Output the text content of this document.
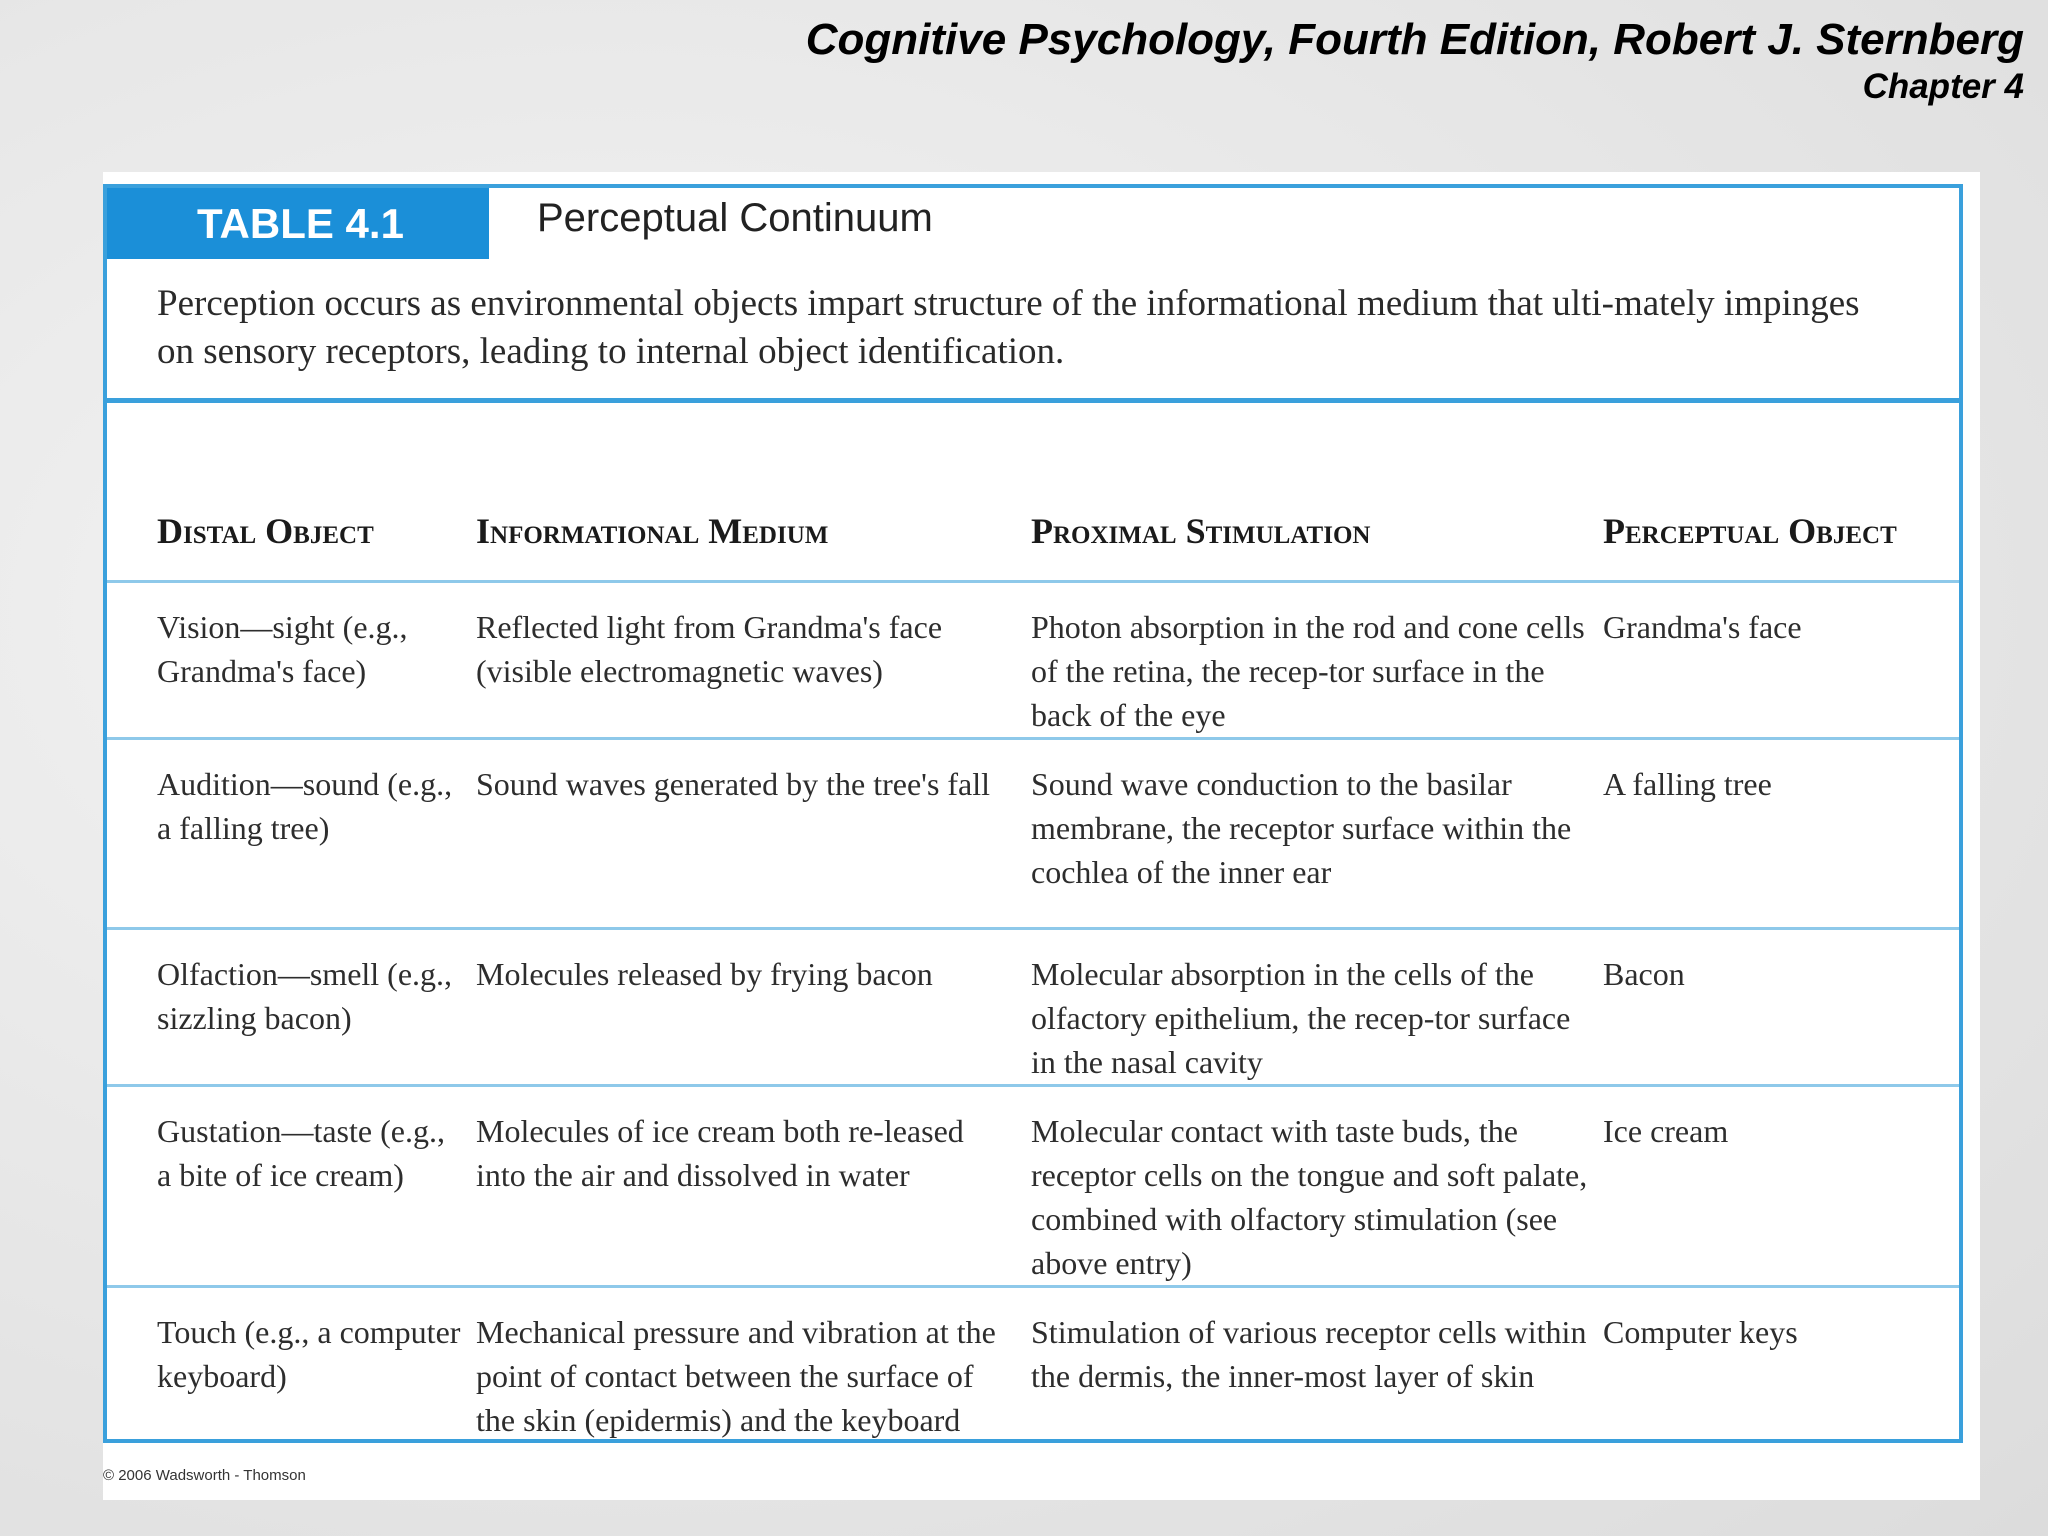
Cognitive Psychology, Fourth Edition, Robert J. Sternberg
Chapter 4
TABLE 4.1	Perceptual Continuum
Perception occurs as environmental objects impart structure of the informational medium that ulti-mately impinges on sensory receptors, leading to internal object identification.
Distal Object	Informational Medium	Proximal Stimulation	Perceptual Object
Vision—sight (e.g., Grandma's face)	Reflected light from Grandma's face (visible electromagnetic waves)	Photon absorption in the rod and cone cells of the retina, the recep-tor surface in the back of the eye	Grandma's face
Audition—sound (e.g., a falling tree)	Sound waves generated by the tree's fall	Sound wave conduction to the basilar membrane, the receptor surface within the cochlea of the inner ear	A falling tree
Olfaction—smell (e.g., sizzling bacon)	Molecules released by frying bacon	Molecular absorption in the cells of the olfactory epithelium, the recep-tor surface in the nasal cavity	Bacon
Gustation—taste (e.g., a bite of ice cream)	Molecules of ice cream both re-leased into the air and dissolved in water	Molecular contact with taste buds, the receptor cells on the tongue and soft palate, combined with olfactory stimulation (see above entry)	Ice cream
Touch (e.g., a computer keyboard)	Mechanical pressure and vibration at the point of contact between the surface of the skin (epidermis) and the keyboard	Stimulation of various receptor cells within the dermis, the inner-most layer of skin	Computer keys
© 2006 Wadsworth - Thomson
